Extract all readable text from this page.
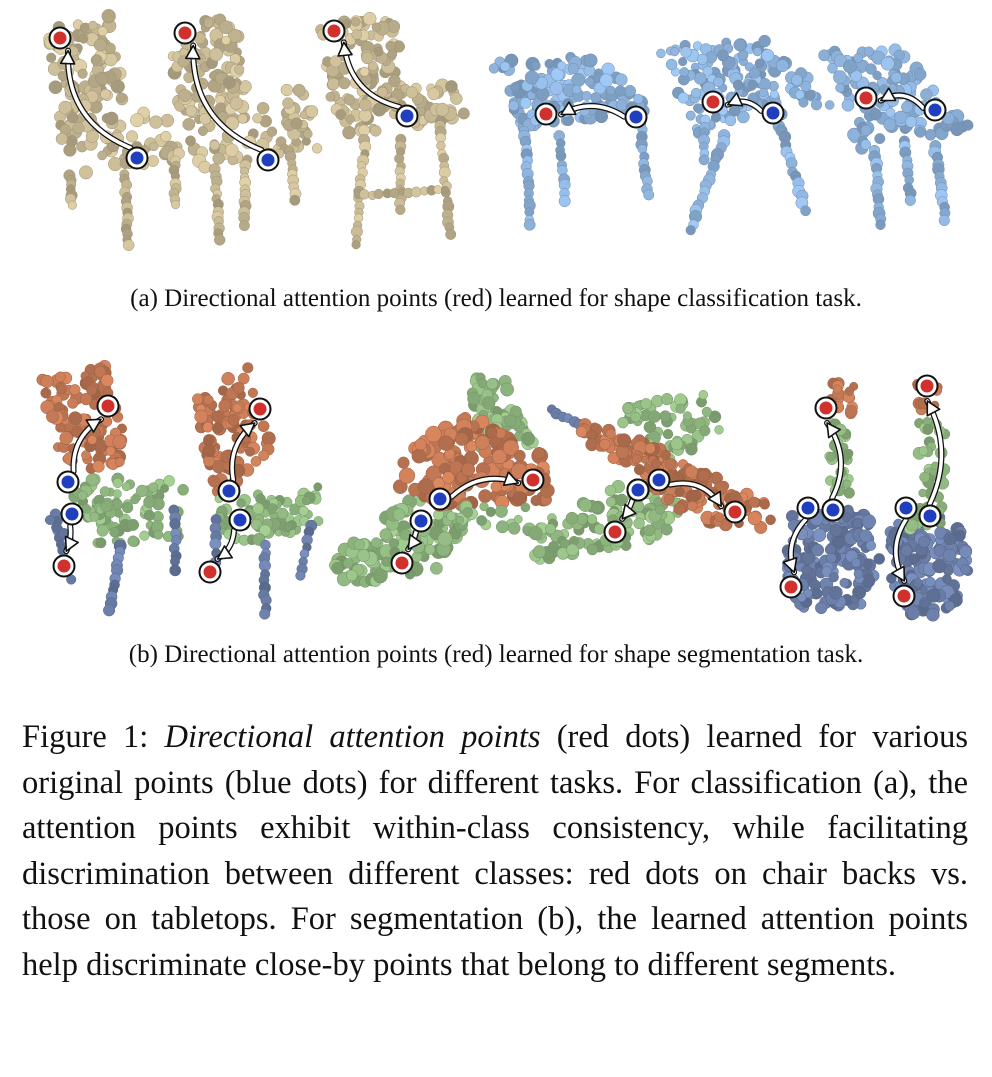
(a) Directional attention points (red) learned for shape classification task.
(b) Directional attention points (red) learned for shape segmentation task.

Figure 1: Directional attention points (red dots) learned for various original points (blue dots) for different tasks. For classification (a), the attention points exhibit within-class consistency, while facilitating discrimination between different classes: red dots on chair backs vs. those on tabletops. For segmentation (b), the learned attention points help discriminate close-by points that belong to different segments.
